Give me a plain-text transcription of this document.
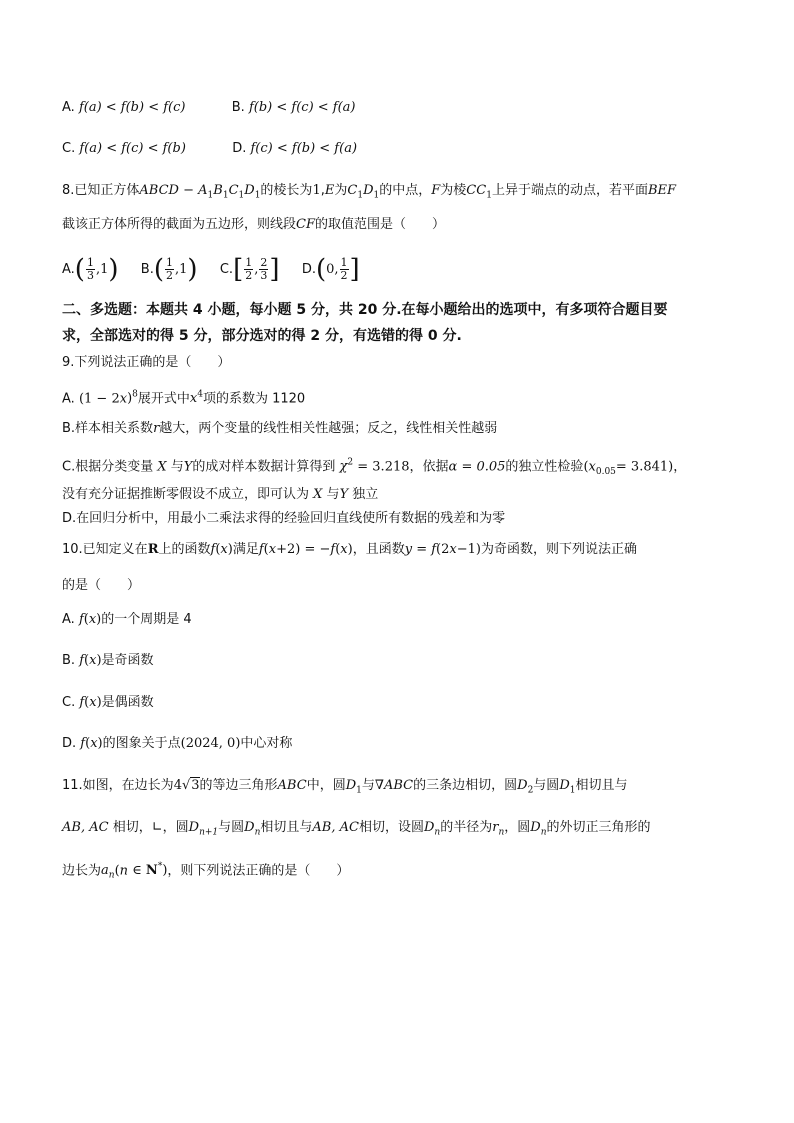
A. f(a) < f(b) < f(c)	B. f(b) < f(c) < f(a)
C. f(a) < f(c) < f(b)	D. f(c) < f(b) < f(a)
8.已知正方体ABCD − $A_1B_1C_1D_1$的棱长为1,E为$C_1D_1$的中点，F为棱$CC_1$上异于端点的动点，若平面BEF
截该正方体所得的截面为五边形，则线段CF的取值范围是（　　）
$A.( \frac{1}{3} ,1)$ $B.( \frac{1}{2} ,1)$ $C.[ \frac{1}{2}$ , $\frac{2}{3}$ ] D.(0, $\frac{1}{2}$ ]
二、多选题：本题共 4 小题，每小题 5 分，共 20 分.在每小题给出的选项中，有多项符合题目要
求，全部选对的得 5 分，部分选对的得 2 分，有选错的得 0 分.
9.下列说法正确的是（　　）
A. $(1 - 2x)^8$展开式中$x^4$项的系数为 1120
B.样本相关系数r越大，两个变量的线性相关性越强；反之，线性相关性越弱
C.根据分类变量 X 与Y的成对样本数据计算得到 $\chi^2 = 3.218$，依据α = 0.05的独立性检验$(x_{0.05}= 3.841)$，
没有充分证据推断零假设不成立，即可认为 X 与Y 独立
D.在回归分析中，用最小二乘法求得的经验回归直线使所有数据的残差和为零
10.已知定义在R上的函数f(x)满足f(x+2) = −f(x)，且函数y = f(2x−1)为奇函数，则下列说法正确
的是（　　）
A. f(x)的一个周期是 4
B. f(x)是奇函数
C. f(x)是偶函数
D. f(x)的图象关于点(2024, 0)中心对称
11.如图，在边长为4√3的等边三角形ABC中，圆$D_1$与∇ABC的三条边相切，圆$D_2$与圆$D_1$相切且与
AB, AC 相切，∟，圆$D_{n+1}$与圆$D_n$相切且与AB, AC相切，设圆$D_n$的半径为$r_n$，圆$D_n$的外切正三角形的
边长为$a_n(n$ ∈ N*)，则下列说法正确的是（　　）
